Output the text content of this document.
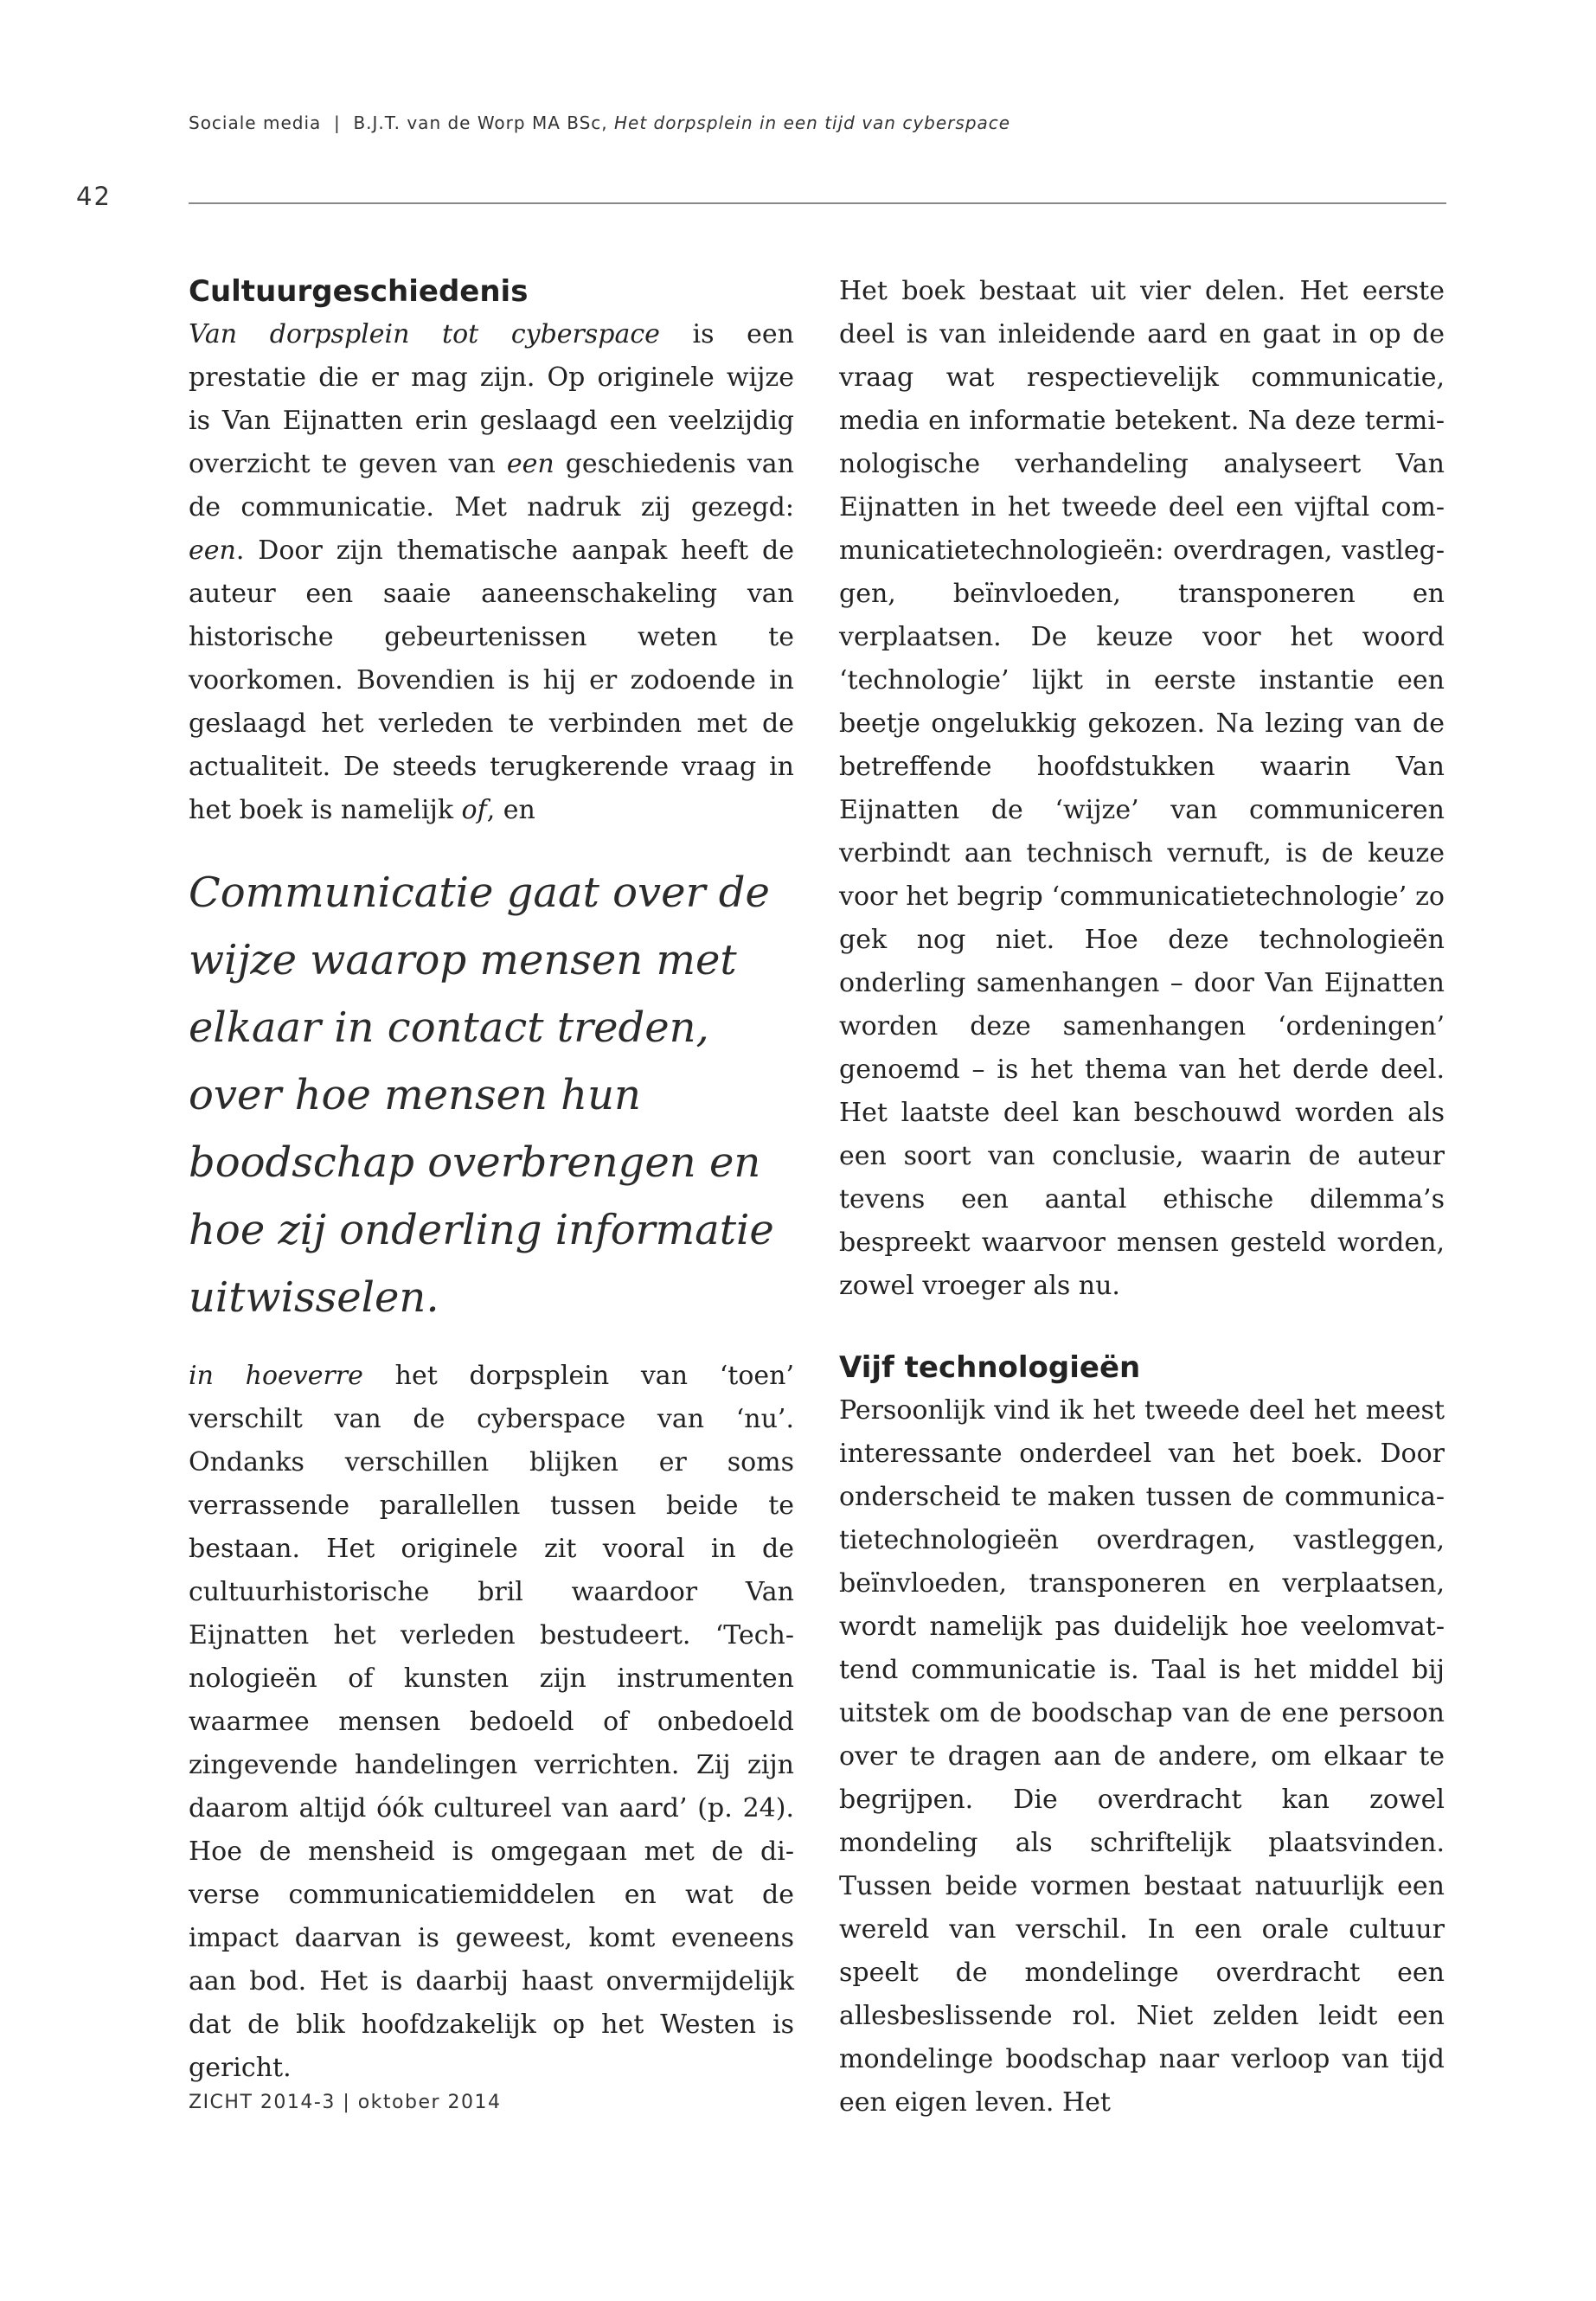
Sociale media | B.J.T. van de Worp MA BSc, Het dorpsplein in een tijd van cyberspace
42
Cultuurgeschiedenis

Van dorpsplein tot cyberspace is een prestatie die er mag zijn. Op originele wijze is Van Eijnatten erin geslaagd een veelzijdig overzicht te geven van een geschiedenis van de communicatie. Met nadruk zij gezegd: een. Door zijn thematische aanpak heeft de auteur een saaie aaneenschakeling van historische gebeurtenissen weten te voorkomen. Bovendien is hij er zodoende in geslaagd het verleden te verbinden met de actualiteit. De steeds terugkerende vraag in het boek is namelijk of, en

Communicatie gaat over de wijze waarop mensen met elkaar in contact treden, over hoe mensen hun boodschap overbrengen en hoe zij onderling informatie uitwisselen.

in hoeverre het dorpsplein van ‘toen’ verschilt van de cyberspace van ‘nu’. Ondanks verschillen blijken er soms verrassende parallellen tussen beide te bestaan. Het originele zit vooral in de cultuurhistorische bril waardoor Van Eijnatten het verleden bestudeert. ‘Technologieën of kunsten zijn instrumenten waarmee mensen bedoeld of onbedoeld zingevende handelingen verrichten. Zij zijn daarom altijd óók cultureel van aard’ (p. 24). Hoe de mensheid is omgegaan met de diverse communicatiemiddelen en wat de impact daarvan is geweest, komt eveneens aan bod. Het is daarbij haast onvermijdelijk dat de blik hoofdzakelijk op het Westen is gericht.

Het boek bestaat uit vier delen. Het eerste deel is van inleidende aard en gaat in op de vraag wat respectievelijk communicatie, media en informatie betekent. Na deze terminologische verhandeling analyseert Van Eijnatten in het tweede deel een vijftal communicatietechnologieën: overdragen, vastleggen, beïnvloeden, transponeren en verplaatsen. De keuze voor het woord ‘technologie’ lijkt in eerste instantie een beetje ongelukkig gekozen. Na lezing van de betreffende hoofdstukken waarin Van Eijnatten de ‘wijze’ van communiceren verbindt aan technisch vernuft, is de keuze voor het begrip ‘communicatietechnologie’ zo gek nog niet. Hoe deze technologieën onderling samenhangen – door Van Eijnatten worden deze samenhangen ‘ordeningen’ genoemd – is het thema van het derde deel. Het laatste deel kan beschouwd worden als een soort van conclusie, waarin de auteur tevens een aantal ethische dilemma’s bespreekt waarvoor mensen gesteld worden, zowel vroeger als nu.

Vijf technologieën

Persoonlijk vind ik het tweede deel het meest interessante onderdeel van het boek. Door onderscheid te maken tussen de communicatietechnologieën overdragen, vastleggen, beïnvloeden, transponeren en verplaatsen, wordt namelijk pas duidelijk hoe veelomvattend communicatie is. Taal is het middel bij uitstek om de boodschap van de ene persoon over te dragen aan de andere, om elkaar te begrijpen. Die overdracht kan zowel mondeling als schriftelijk plaatsvinden. Tussen beide vormen bestaat natuurlijk een wereld van verschil. In een orale cultuur speelt de mondelinge overdracht een allesbeslissende rol. Niet zelden leidt een mondelinge boodschap naar verloop van tijd een eigen leven. Het

ZICHT 2014-3 | oktober 2014
